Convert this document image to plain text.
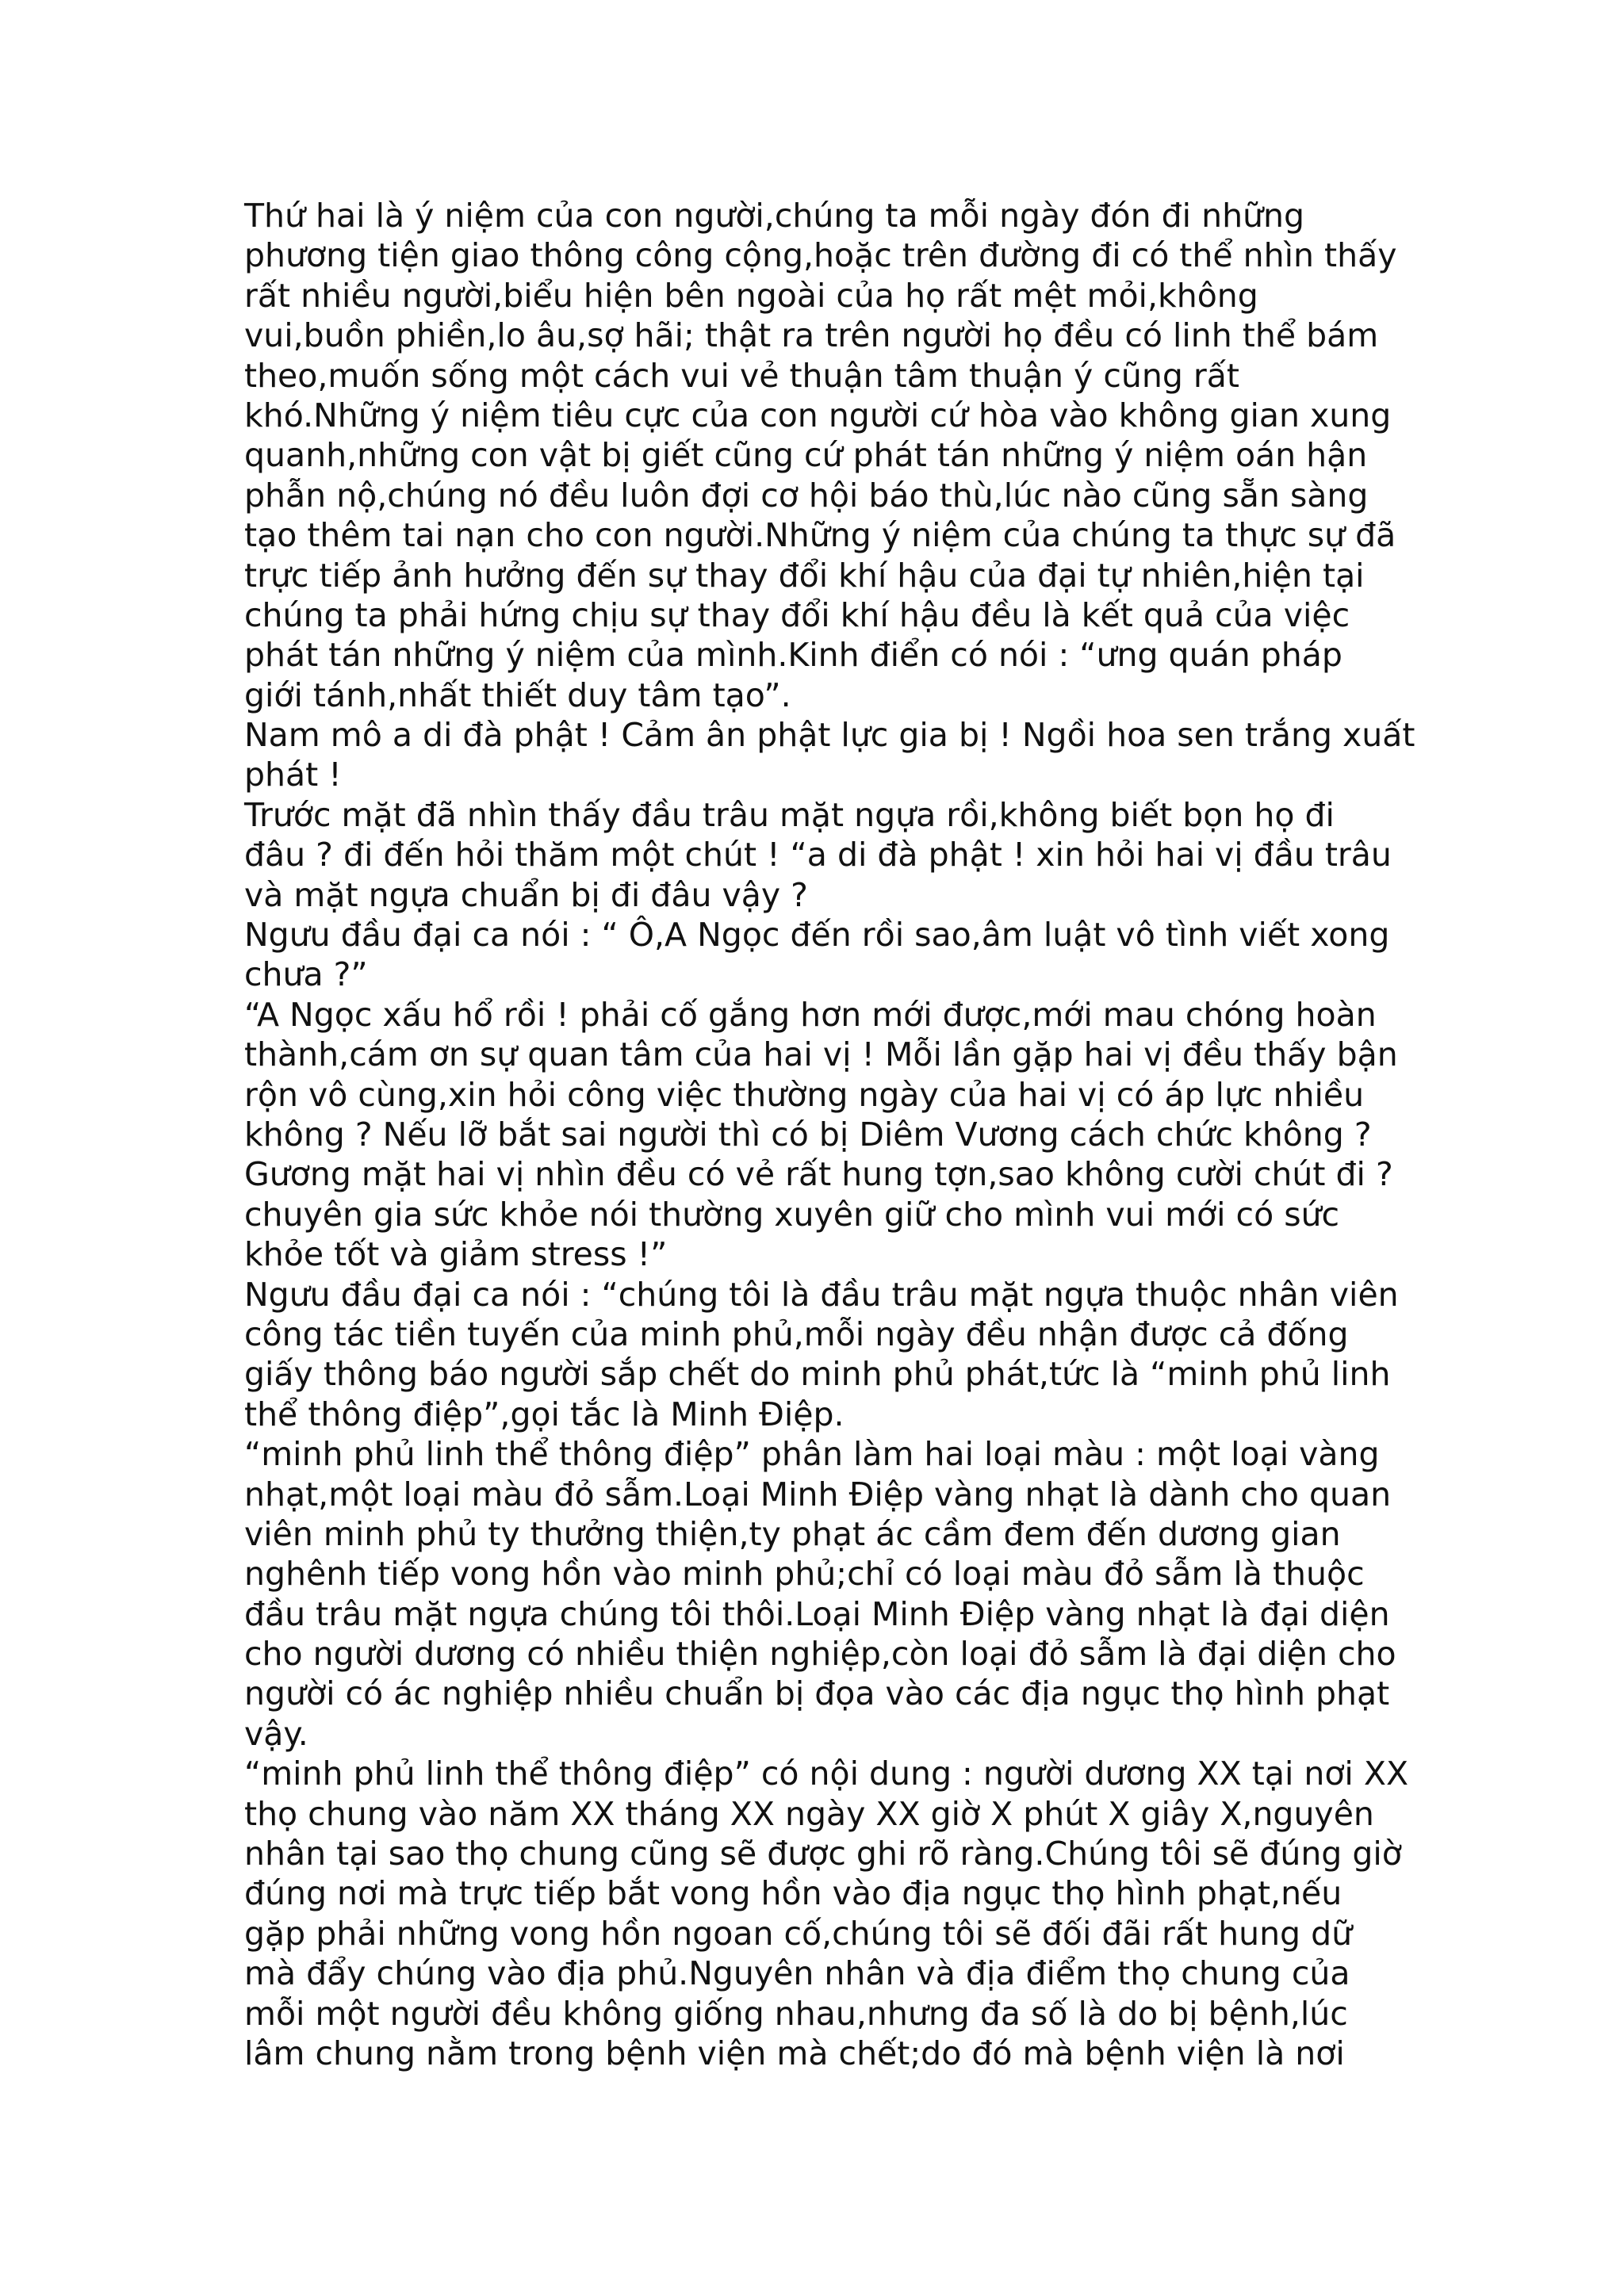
Thứ hai là ý niệm của con người,chúng ta mỗi ngày đón đi những
phương tiện giao thông công cộng,hoặc trên đường đi có thể nhìn thấy
rất nhiều người,biểu hiện bên ngoài của họ rất mệt mỏi,không
vui,buồn phiền,lo âu,sợ hãi; thật ra trên người họ đều có linh thể bám
theo,muốn sống một cách vui vẻ thuận tâm thuận ý cũng rất
khó.Những ý niệm tiêu cực của con người cứ hòa vào không gian xung
quanh,những con vật bị giết cũng cứ phát tán những ý niệm oán hận
phẫn nộ,chúng nó đều luôn đợi cơ hội báo thù,lúc nào cũng sẵn sàng
tạo thêm tai nạn cho con người.Những ý niệm của chúng ta thực sự đã
trực tiếp ảnh hưởng đến sự thay đổi khí hậu của đại tự nhiên,hiện tại
chúng ta phải hứng chịu sự thay đổi khí hậu đều là kết quả của việc
phát tán những ý niệm của mình.Kinh điển có nói : “ưng quán pháp
giới tánh,nhất thiết duy tâm tạo”.
Nam mô a di đà phật ! Cảm ân phật lực gia bị ! Ngồi hoa sen trắng xuất
phát !
Trước mặt đã nhìn thấy đầu trâu mặt ngựa rồi,không biết bọn họ đi
đâu ? đi đến hỏi thăm một chút ! “a di đà phật ! xin hỏi hai vị đầu trâu
và mặt ngựa chuẩn bị đi đâu vậy ?
Ngưu đầu đại ca nói : “ Ô,A Ngọc đến rồi sao,âm luật vô tình viết xong
chưa ?”
“A Ngọc xấu hổ rồi ! phải cố gắng hơn mới được,mới mau chóng hoàn
thành,cám ơn sự quan tâm của hai vị ! Mỗi lần gặp hai vị đều thấy bận
rộn vô cùng,xin hỏi công việc thường ngày của hai vị có áp lực nhiều
không ? Nếu lỡ bắt sai người thì có bị Diêm Vương cách chức không ?
Gương mặt hai vị nhìn đều có vẻ rất hung tợn,sao không cười chút đi ?
chuyên gia sức khỏe nói thường xuyên giữ cho mình vui mới có sức
khỏe tốt và giảm stress !”
Ngưu đầu đại ca nói : “chúng tôi là đầu trâu mặt ngựa thuộc nhân viên
công tác tiền tuyến của minh phủ,mỗi ngày đều nhận được cả đống
giấy thông báo người sắp chết do minh phủ phát,tức là “minh phủ linh
thể thông điệp”,gọi tắc là Minh Điệp.
“minh phủ linh thể thông điệp” phân làm hai loại màu : một loại vàng
nhạt,một loại màu đỏ sẫm.Loại Minh Điệp vàng nhạt là dành cho quan
viên minh phủ ty thưởng thiện,ty phạt ác cầm đem đến dương gian
nghênh tiếp vong hồn vào minh phủ;chỉ có loại màu đỏ sẫm là thuộc
đầu trâu mặt ngựa chúng tôi thôi.Loại Minh Điệp vàng nhạt là đại diện
cho người dương có nhiều thiện nghiệp,còn loại đỏ sẫm là đại diện cho
người có ác nghiệp nhiều chuẩn bị đọa vào các địa ngục thọ hình phạt
vậy.
“minh phủ linh thể thông điệp” có nội dung : người dương XX tại nơi XX
thọ chung vào năm XX tháng XX ngày XX giờ X phút X giây X,nguyên
nhân tại sao thọ chung cũng sẽ được ghi rõ ràng.Chúng tôi sẽ đúng giờ
đúng nơi mà trực tiếp bắt vong hồn vào địa ngục thọ hình phạt,nếu
gặp phải những vong hồn ngoan cố,chúng tôi sẽ đối đãi rất hung dữ
mà đẩy chúng vào địa phủ.Nguyên nhân và địa điểm thọ chung của
mỗi một người đều không giống nhau,nhưng đa số là do bị bệnh,lúc
lâm chung nằm trong bệnh viện mà chết;do đó mà bệnh viện là nơi
